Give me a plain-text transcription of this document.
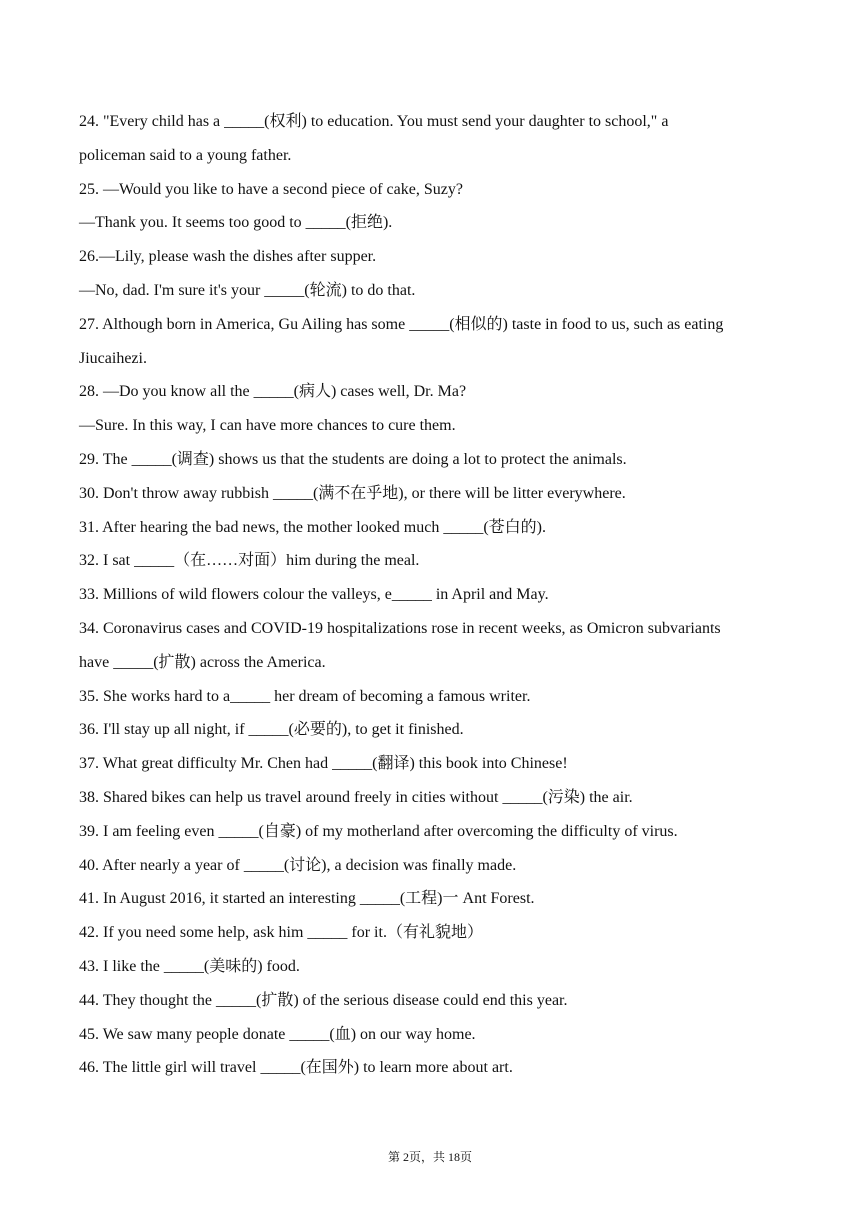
24. "Every child has a _____(权利) to education. You must send your daughter to school," a
policeman said to a young father.
25. —Would you like to have a second piece of cake, Suzy?
—Thank you. It seems too good to _____(拒绝).
26.—Lily, please wash the dishes after supper.
—No, dad. I'm sure it's your _____(轮流) to do that.
27. Although born in America, Gu Ailing has some _____(相似的) taste in food to us, such as eating
Jiucaihezi.
28. —Do you know all the _____(病人) cases well, Dr. Ma?
—Sure. In this way, I can have more chances to cure them.
29. The _____(调查) shows us that the students are doing a lot to protect the animals.
30. Don't throw away rubbish _____(满不在乎地), or there will be litter everywhere.
31. After hearing the bad news, the mother looked much _____(苍白的).
32. I sat _____（在……对面）him during the meal.
33. Millions of wild flowers colour the valleys, e_____ in April and May.
34. Coronavirus cases and COVID-19 hospitalizations rose in recent weeks, as Omicron subvariants
have _____(扩散) across the America.
35. She works hard to a_____ her dream of becoming a famous writer.
36. I'll stay up all night, if _____(必要的), to get it finished.
37. What great difficulty Mr. Chen had _____(翻译) this book into Chinese!
38. Shared bikes can help us travel around freely in cities without _____(污染) the air.
39. I am feeling even _____(自豪) of my motherland after overcoming the difficulty of virus.
40. After nearly a year of _____(讨论), a decision was finally made.
41. In August 2016, it started an interesting _____(工程)一 Ant Forest.
42. If you need some help, ask him _____ for it.（有礼貌地）
43. I like the _____(美味的) food.
44. They thought the _____(扩散) of the serious disease could end this year.
45. We saw many people donate _____(血) on our way home.
46. The little girl will travel _____(在国外) to learn more about art.
第 2页，共 18页
